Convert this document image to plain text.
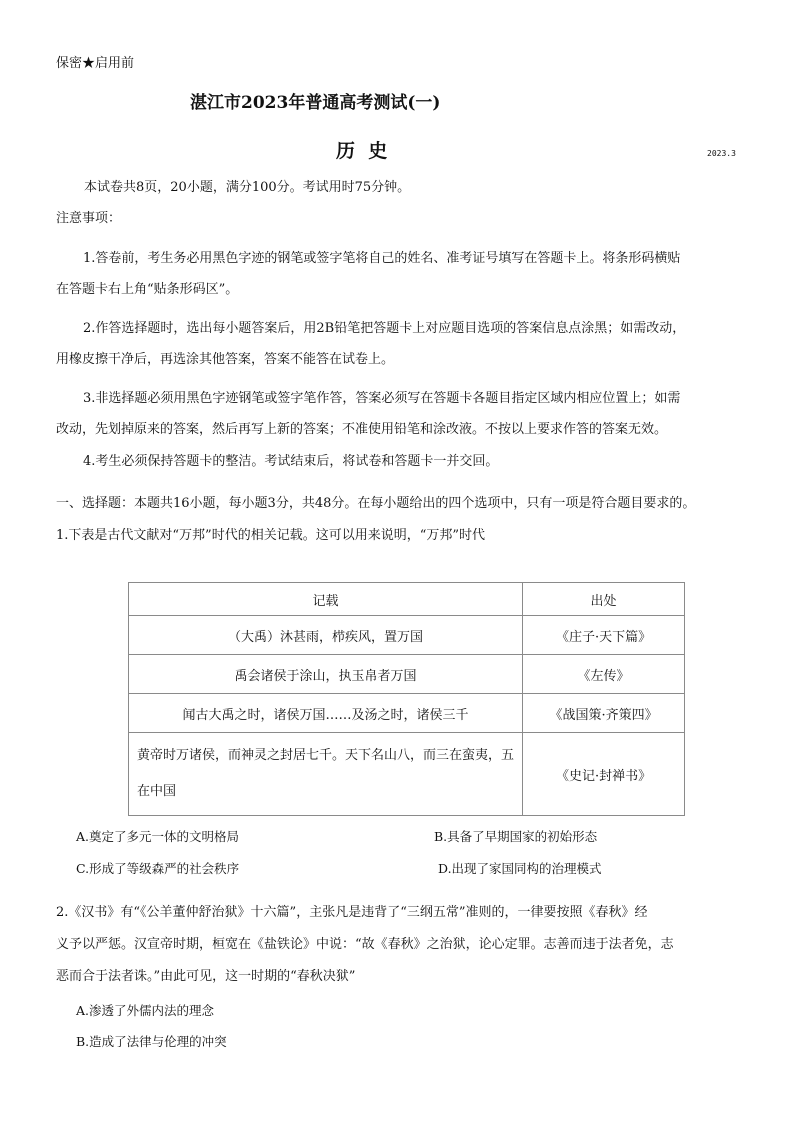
保密★启用前
湛江市2023年普通高考测试(一)
历  史	2023.3
本试卷共8页，20小题，满分100分。考试用时75分钟。
注意事项：
1.答卷前，考生务必用黑色字迹的钢笔或签字笔将自己的姓名、准考证号填写在答题卡上。将条形码横贴
在答题卡右上角“贴条形码区”。
2.作答选择题时，选出每小题答案后，用2B铅笔把答题卡上对应题目选项的答案信息点涂黑；如需改动，
用橡皮擦干净后，再选涂其他答案，答案不能答在试卷上。
3.非选择题必须用黑色字迹钢笔或签字笔作答，答案必须写在答题卡各题目指定区域内相应位置上；如需
改动，先划掉原来的答案，然后再写上新的答案；不准使用铅笔和涂改液。不按以上要求作答的答案无效。
4.考生必须保持答题卡的整洁。考试结束后，将试卷和答题卡一并交回。
一、选择题：本题共16小题，每小题3分，共48分。在每小题给出的四个选项中，只有一项是符合题目要求的。
1.下表是古代文献对“万邦”时代的相关记载。这可以用来说明，“万邦”时代
记载	出处
（大禹）沐甚雨，栉疾风，置万国	《庄子·天下篇》
禹会诸侯于涂山，执玉帛者万国	《左传》
闻古大禹之时，诸侯万国……及汤之时，诸侯三千	《战国策·齐策四》
黄帝时万诸侯，而神灵之封居七千。天下名山八，而三在蛮夷，五在中国	《史记·封禅书》
A.奠定了多元一体的文明格局	B.具备了早期国家的初始形态
C.形成了等级森严的社会秩序	D.出现了家国同构的治理模式
2.《汉书》有“《公羊董仲舒治狱》十六篇”，主张凡是违背了“三纲五常”准则的，一律要按照《春秋》经
义予以严惩。汉宣帝时期，桓宽在《盐铁论》中说：“故《春秋》之治狱，论心定罪。志善而违于法者免，志
恶而合于法者诛。”由此可见，这一时期的“春秋决狱”
A.渗透了外儒内法的理念
B.造成了法律与伦理的冲突
